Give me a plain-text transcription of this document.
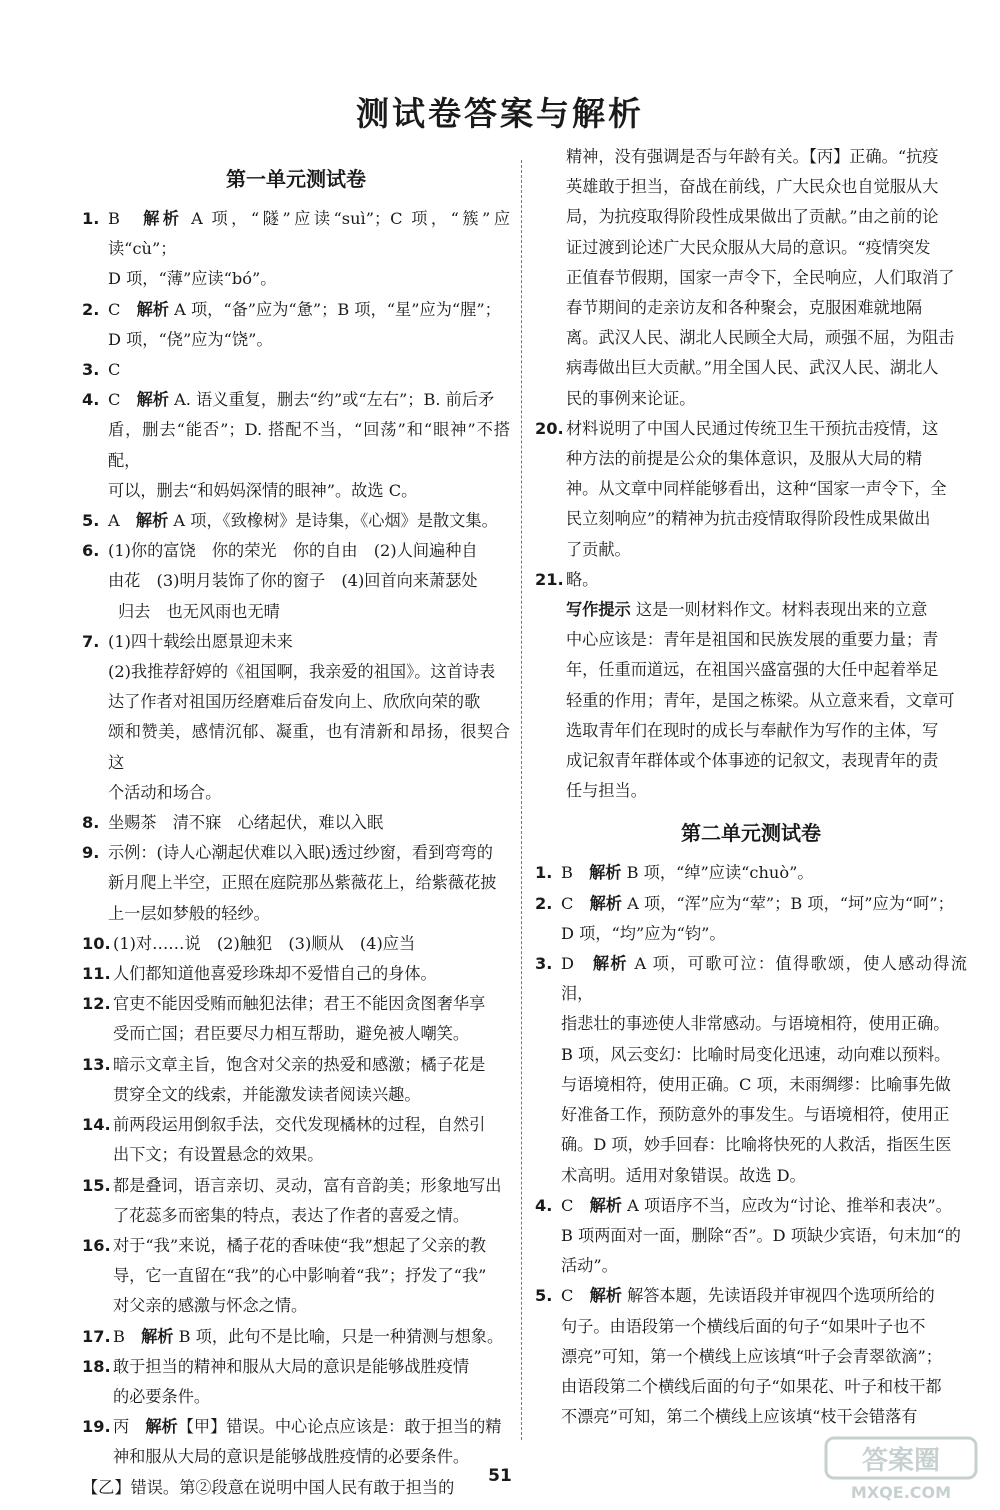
测试卷答案与解析
第一单元测试卷
1. B　 解析 A 项，“隧”应读“suì”；C 项，“簇”应读“cù”；
D 项，“薄”应读“bó”。
2. C　 解析 A 项，“备”应为“惫”；B 项，“星”应为“腥”；
D 项，“侥”应为“饶”。
3. C
4. C　 解析 A. 语义重复，删去“约”或“左右”；B. 前后矛
盾，删去“能否”；D. 搭配不当，“回荡”和“眼神”不搭配，
可以，删去“和妈妈深情的眼神”。故选 C。
5. A　 解析 A 项，《致橡树》是诗集，《心烟》是散文集。
6. (1)你的富饶　你的荣光　你的自由　(2)人间遍种自
由花　(3)明月装饰了你的窗子　(4)回首向来萧瑟处
归去　也无风雨也无晴
7. (1)四十载绘出愿景迎未来
(2)我推荐舒婷的《祖国啊，我亲爱的祖国》。这首诗表
达了作者对祖国历经磨难后奋发向上、欣欣向荣的歌
颂和赞美，感情沉郁、凝重，也有清新和昂扬，很契合这
个活动和场合。
8. 坐赐茶　清不寐　心绪起伏，难以入眠
9. 示例：(诗人心潮起伏难以入眠)透过纱窗，看到弯弯的
新月爬上半空，正照在庭院那丛紫薇花上，给紫薇花披
上一层如梦般的轻纱。
10. (1)对……说　(2)触犯　(3)顺从　(4)应当
11. 人们都知道他喜爱珍珠却不爱惜自己的身体。
12. 官吏不能因受贿而触犯法律；君王不能因贪图奢华享
受而亡国；君臣要尽力相互帮助，避免被人嘲笑。
13. 暗示文章主旨，饱含对父亲的热爱和感激；橘子花是
贯穿全文的线索，并能激发读者阅读兴趣。
14. 前两段运用倒叙手法，交代发现橘林的过程，自然引
出下文；有设置悬念的效果。
15. 都是叠词，语言亲切、灵动，富有音韵美；形象地写出
了花蕊多而密集的特点，表达了作者的喜爱之情。
16. 对于“我”来说，橘子花的香味使“我”想起了父亲的教
导，它一直留在“我”的心中影响着“我”；抒发了“我”
对父亲的感激与怀念之情。
17. B　 解析 B 项，此句不是比喻，只是一种猜测与想象。
18. 敢于担当的精神和服从大局的意识是能够战胜疫情
的必要条件。
19. 丙　 解析【甲】错误。中心论点应该是：敢于担当的精
神和服从大局的意识是能够战胜疫情的必要条件。
【乙】错误。第②段意在说明中国人民有敢于担当的
精神，没有强调是否与年龄有关。【丙】正确。“抗疫
英雄敢于担当，奋战在前线，广大民众也自觉服从大
局，为抗疫取得阶段性成果做出了贡献。”由之前的论
证过渡到论述广大民众服从大局的意识。“疫情突发
正值春节假期，国家一声令下，全民响应，人们取消了
春节期间的走亲访友和各种聚会，克服困难就地隔
离。武汉人民、湖北人民顾全大局，顽强不屈，为阻击
病毒做出巨大贡献。”用全国人民、武汉人民、湖北人
民的事例来论证。
20. 材料说明了中国人民通过传统卫生干预抗击疫情，这
种方法的前提是公众的集体意识，及服从大局的精
神。从文章中同样能够看出，这种“国家一声令下，全
民立刻响应”的精神为抗击疫情取得阶段性成果做出
了贡献。
21. 略。
写作提示 这是一则材料作文。材料表现出来的立意
中心应该是：青年是祖国和民族发展的重要力量；青
年，任重而道远，在祖国兴盛富强的大任中起着举足
轻重的作用；青年，是国之栋梁。从立意来看，文章可
选取青年们在现时的成长与奉献作为写作的主体，写
成记叙青年群体或个体事迹的记叙文，表现青年的责
任与担当。
第二单元测试卷
1. B　 解析 B 项，“绰”应读“chuò”。
2. C　 解析 A 项，“浑”应为“荤”；B 项，“坷”应为“呵”；
D 项，“均”应为“钧”。
3. D　 解析 A 项，可歌可泣：值得歌颂，使人感动得流泪，
指悲壮的事迹使人非常感动。与语境相符，使用正确。
B 项，风云变幻：比喻时局变化迅速，动向难以预料。
与语境相符，使用正确。C 项，未雨绸缪：比喻事先做
好准备工作，预防意外的事发生。与语境相符，使用正
确。D 项，妙手回春：比喻将快死的人救活，指医生医
术高明。适用对象错误。故选 D。
4. C　 解析 A 项语序不当，应改为“讨论、推举和表决”。
B 项两面对一面，删除“否”。D 项缺少宾语，句末加“的
活动”。
5. C　 解析 解答本题，先读语段并审视四个选项所给的
句子。由语段第一个横线后面的句子“如果叶子也不
漂亮”可知，第一个横线上应该填“叶子会青翠欲滴”；
由语段第二个横线后面的句子“如果花、叶子和枝干都
不漂亮”可知，第二个横线上应该填“枝干会错落有
51	答案圈
MXQE.COM
